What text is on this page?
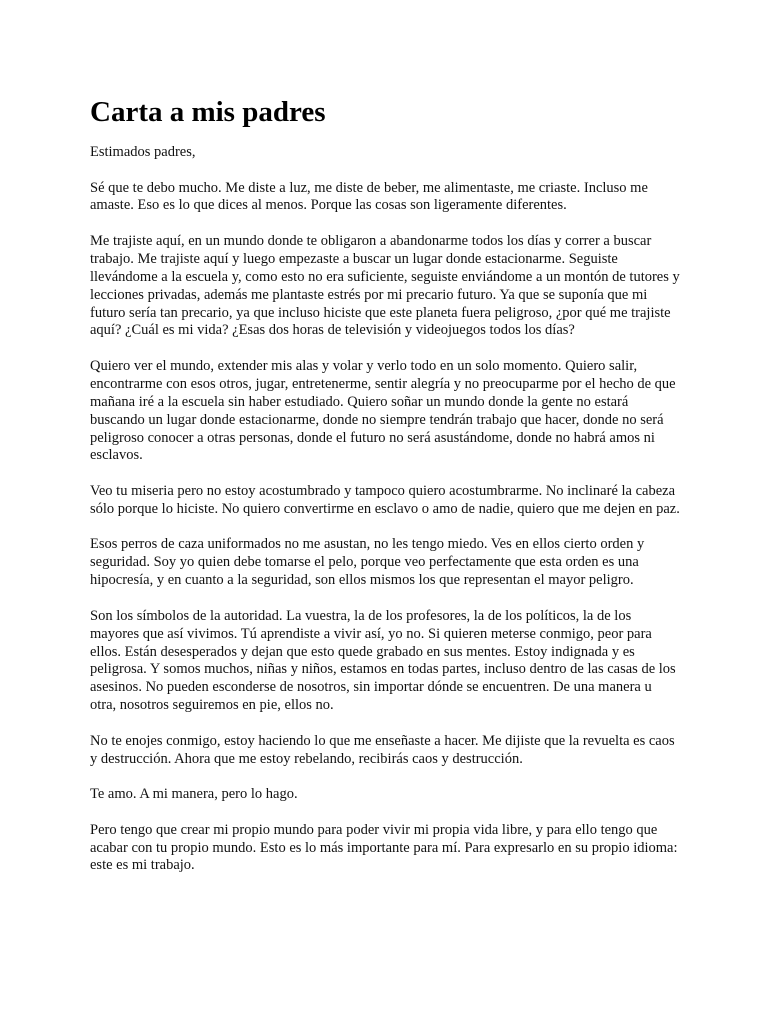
Carta a mis padres

Estimados padres,

Sé que te debo mucho. Me diste a luz, me diste de beber, me alimentaste, me criaste. Incluso me amaste. Eso es lo que dices al menos. Porque las cosas son ligeramente diferentes.

Me trajiste aquí, en un mundo donde te obligaron a abandonarme todos los días y correr a buscar trabajo. Me trajiste aquí y luego empezaste a buscar un lugar donde estacionarme. Seguiste llevándome a la escuela y, como esto no era suficiente, seguiste enviándome a un montón de tutores y lecciones privadas, además me plantaste estrés por mi precario futuro. Ya que se suponía que mi futuro sería tan precario, ya que incluso hiciste que este planeta fuera peligroso, ¿por qué me trajiste aquí? ¿Cuál es mi vida? ¿Esas dos horas de televisión y videojuegos todos los días?

Quiero ver el mundo, extender mis alas y volar y verlo todo en un solo momento. Quiero salir, encontrarme con esos otros, jugar, entretenerme, sentir alegría y no preocuparme por el hecho de que mañana iré a la escuela sin haber estudiado. Quiero soñar un mundo donde la gente no estará buscando un lugar donde estacionarme, donde no siempre tendrán trabajo que hacer, donde no será peligroso conocer a otras personas, donde el futuro no será asustándome, donde no habrá amos ni esclavos.

Veo tu miseria pero no estoy acostumbrado y tampoco quiero acostumbrarme. No inclinaré la cabeza sólo porque lo hiciste. No quiero convertirme en esclavo o amo de nadie, quiero que me dejen en paz.

Esos perros de caza uniformados no me asustan, no les tengo miedo. Ves en ellos cierto orden y seguridad. Soy yo quien debe tomarse el pelo, porque veo perfectamente que esta orden es una hipocresía, y en cuanto a la seguridad, son ellos mismos los que representan el mayor peligro.

Son los símbolos de la autoridad. La vuestra, la de los profesores, la de los políticos, la de los mayores que así vivimos. Tú aprendiste a vivir así, yo no. Si quieren meterse conmigo, peor para ellos. Están desesperados y dejan que esto quede grabado en sus mentes. Estoy indignada y es peligrosa. Y somos muchos, niñas y niños, estamos en todas partes, incluso dentro de las casas de los asesinos. No pueden esconderse de nosotros, sin importar dónde se encuentren. De una manera u otra, nosotros seguiremos en pie, ellos no.

No te enojes conmigo, estoy haciendo lo que me enseñaste a hacer. Me dijiste que la revuelta es caos y destrucción. Ahora que me estoy rebelando, recibirás caos y destrucción.

Te amo. A mi manera, pero lo hago.

Pero tengo que crear mi propio mundo para poder vivir mi propia vida libre, y para ello tengo que acabar con tu propio mundo. Esto es lo más importante para mí. Para expresarlo en su propio idioma: este es mi trabajo.
